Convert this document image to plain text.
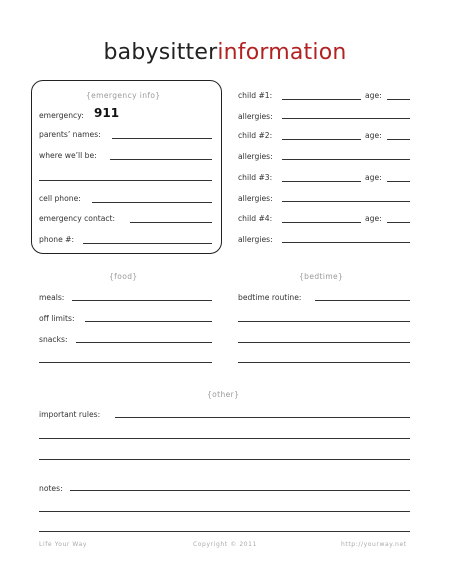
babysitterinformation
{emergency info}
emergency: 911
parents’ names:
where we’ll be:
cell phone:
emergency contact:
phone #:
child #1:	age:
allergies:
child #2:	age:
allergies:
child #3:	age:
allergies:
child #4:	age:
allergies:
{food}
meals:
off limits:
snacks:
{bedtime}
bedtime routine:
{other}
important rules:
notes:
Life Your Way	Copyright © 2011	http://yourway.net
